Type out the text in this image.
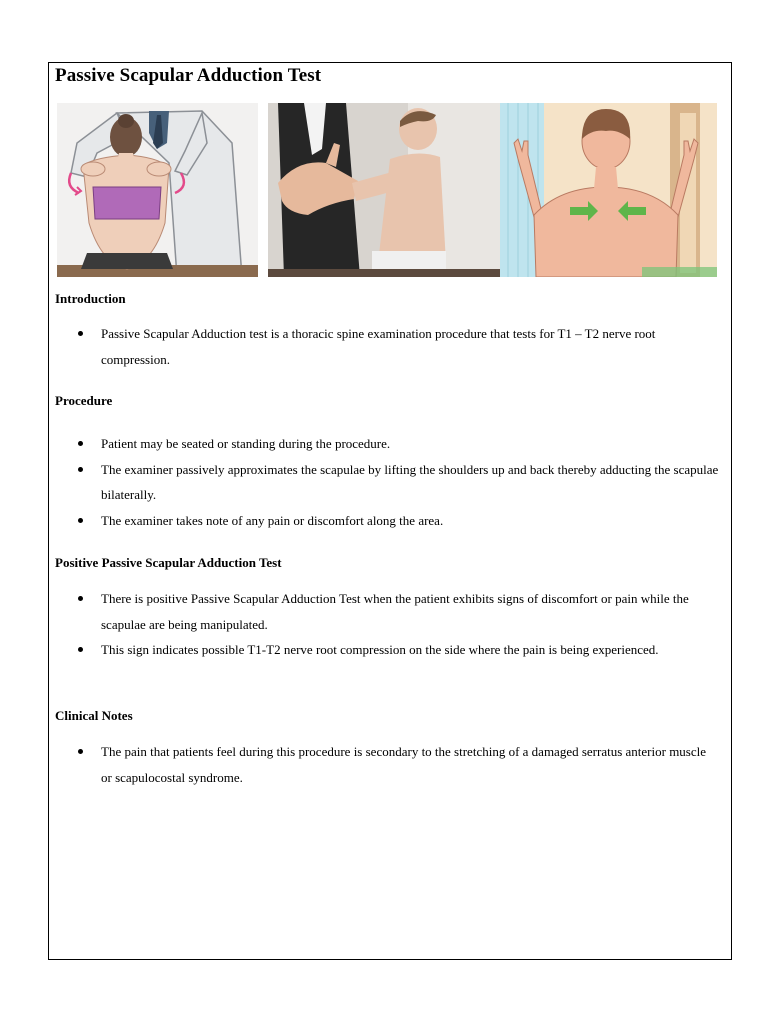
Passive Scapular Adduction Test
Introduction
Passive Scapular Adduction test is a thoracic spine examination procedure that tests for T1 – T2 nerve root compression.
Procedure
Patient may be seated or standing during the procedure.
The examiner passively approximates the scapulae by lifting the shoulders up and back thereby adducting the scapulae bilaterally.
The examiner takes note of any pain or discomfort along the area.
Positive Passive Scapular Adduction Test
There is positive Passive Scapular Adduction Test when the patient exhibits signs of discomfort or pain while the scapulae are being manipulated.
This sign indicates possible T1-T2 nerve root compression on the side where the pain is being experienced.
Clinical Notes
The pain that patients feel during this procedure is secondary to the stretching of a damaged serratus anterior muscle or scapulocostal syndrome.
